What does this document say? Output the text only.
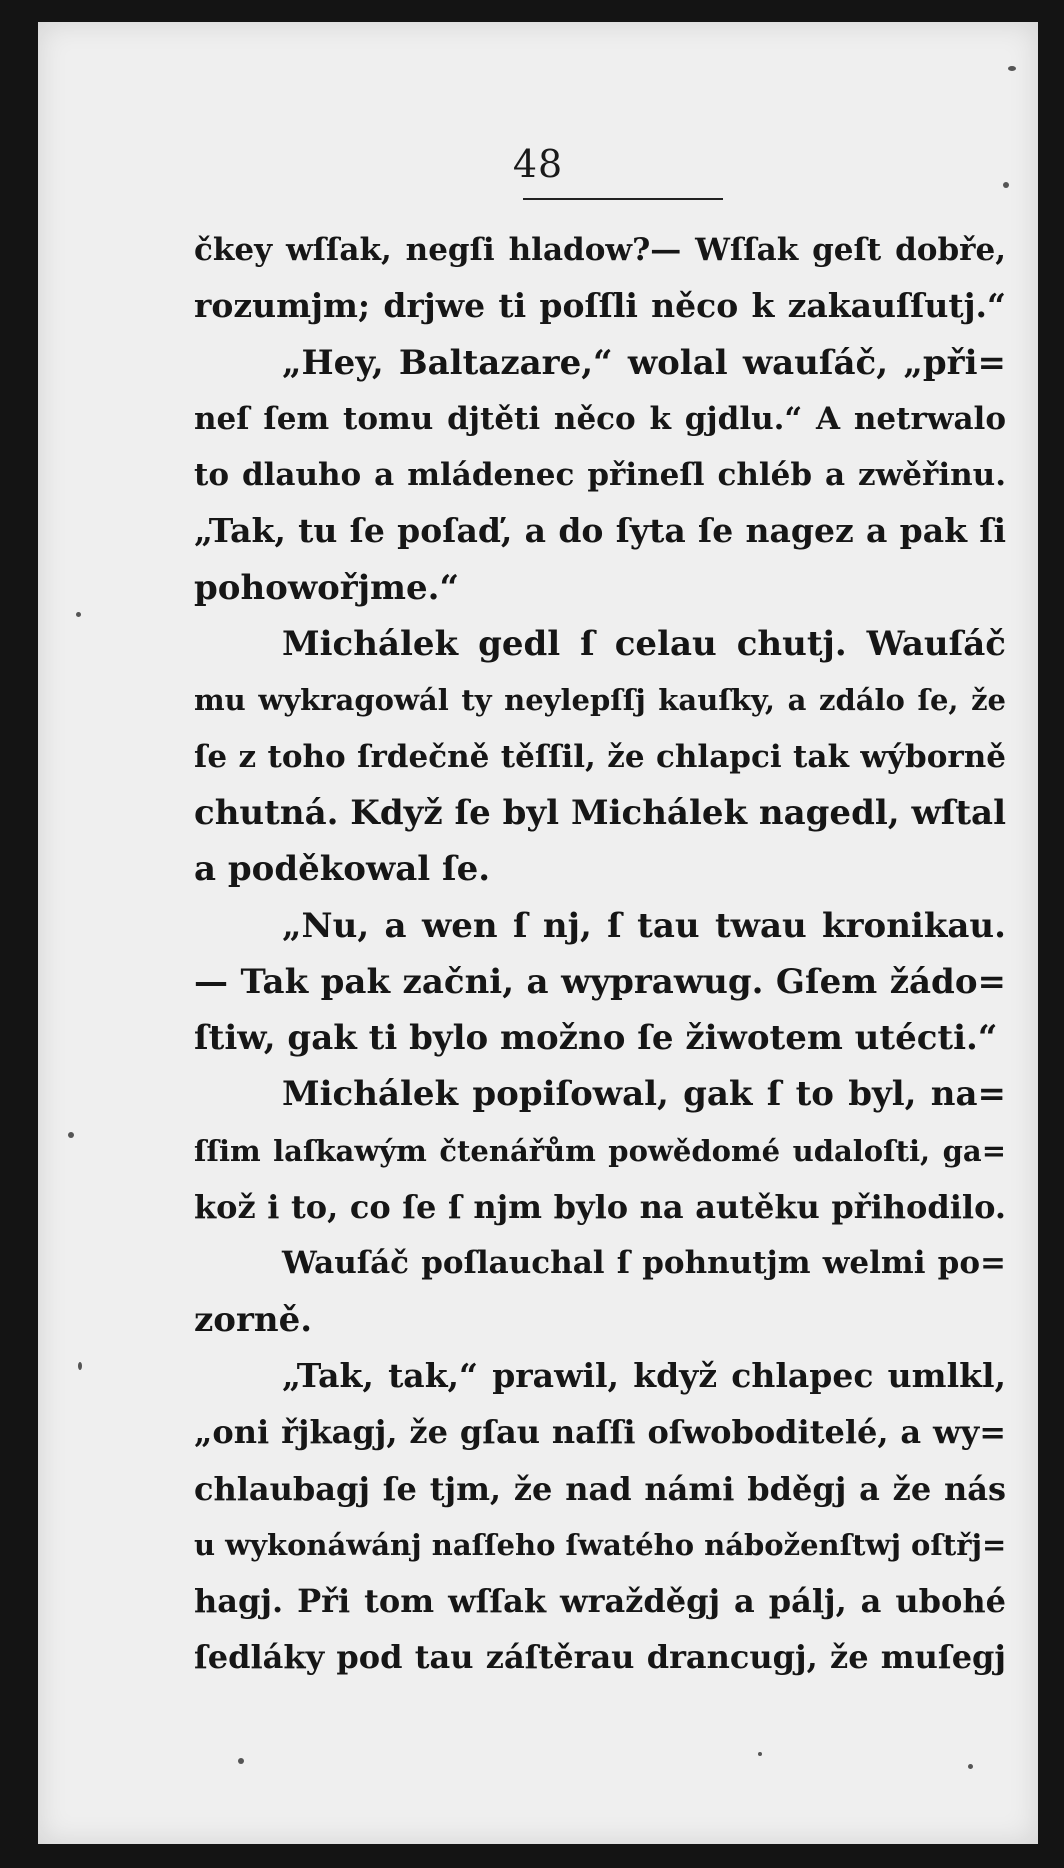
48
čkey wſſak, negſi hladow?— Wſſak geſt dobře,
rozumjm; drjwe ti poſſli něco k zakauſſutj.“
„Hey, Baltazare,“ wolal wauſáč, „při=
neſ ſem tomu djtěti něco k gjdlu.“ A netrwalo
to dlauho a mládenec přineſl chléb a zwěřinu.
„Tak, tu ſe poſaď, a do ſyta ſe nagez a pak ſi
pohowořjme.“
Michálek gedl ſ celau chutj. Wauſáč
mu wykragowál ty neylepſſj kauſky, a zdálo ſe, že
ſe z toho ſrdečně těſſil, že chlapci tak wýborně
chutná. Když ſe byl Michálek nagedl, wſtal
a poděkowal ſe.
„Nu, a wen ſ nj, ſ tau twau kronikau.
— Tak pak začni, a wyprawug. Gſem žádo=
ſtiw, gak ti bylo možno ſe žiwotem utécti.“
Michálek popiſowal, gak ſ to byl, na=
ſſim laſkawým čtenářům powědomé udaloſti, ga=
kož i to, co ſe ſ njm bylo na autěku přihodilo.
Wauſáč poſlauchal ſ pohnutjm welmi po=
zorně.
„Tak, tak,“ prawil, když chlapec umlkl,
„oni řjkagj, že gſau naſſi oſwoboditelé, a wy=
chlaubagj ſe tjm, že nad námi bděgj a že nás
u wykonáwánj naſſeho ſwatého náboženſtwj oſtřj=
hagj. Při tom wſſak wražděgj a pálj, a ubohé
ſedláky pod tau záſtěrau drancugj, že muſegj
